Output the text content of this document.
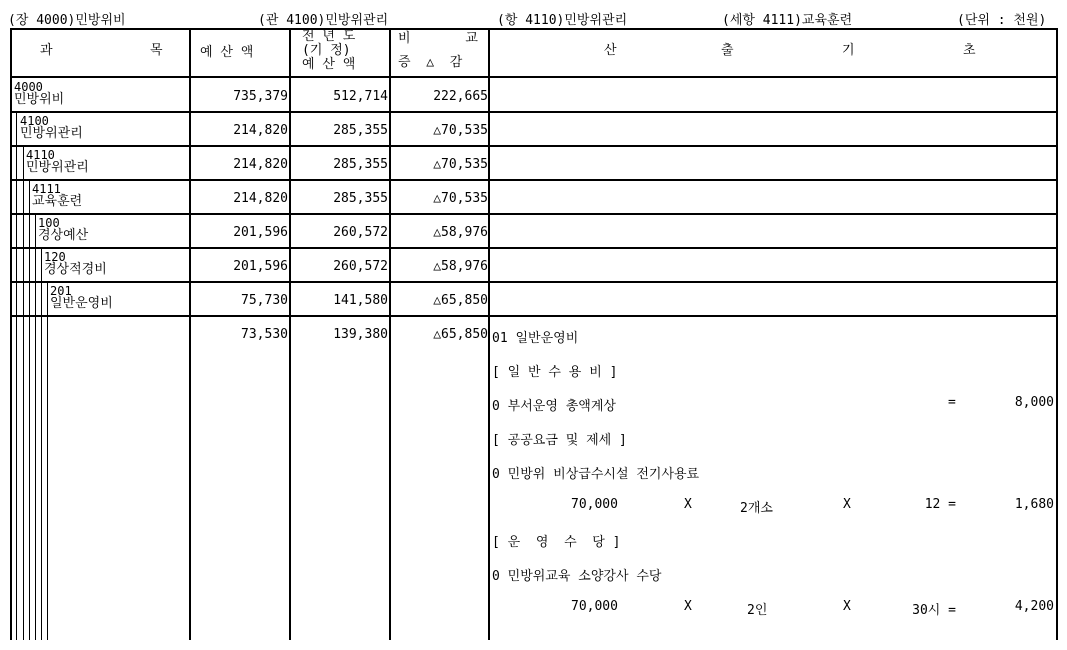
(장 4000)민방위비	(관 4100)민방위관리	(항 4110)민방위관리	(세항 4111)교육훈련	(단위 : 천원)
과	목	예 산 액
전 년 도
(기 정)
예 산 액
비       교
증  △  감
산	출	기	초
4000
민방위비	735,379	512,714	222,665
4100
민방위관리	214,820	285,355	△70,535
4110
민방위관리	214,820	285,355	△70,535
4111
교육훈련	214,820	285,355	△70,535
100
경상예산	201,596	260,572	△58,976
120
경상적경비	201,596	260,572	△58,976
201
일반운영비	75,730	141,580	△65,850
73,530	139,380	△65,850 01 일반운영비
[ 일 반 수 용 비 ]
0 부서운영 총액계상	=	8,000
[ 공공요금 및 제세 ]
0 민방위 비상급수시설 전기사용료
70,000	X	2개소	X	12 =	1,680
[ 운  영  수  당 ]
0 민방위교육 소양강사 수당
70,000	X	2인	X	30시 =	4,200
